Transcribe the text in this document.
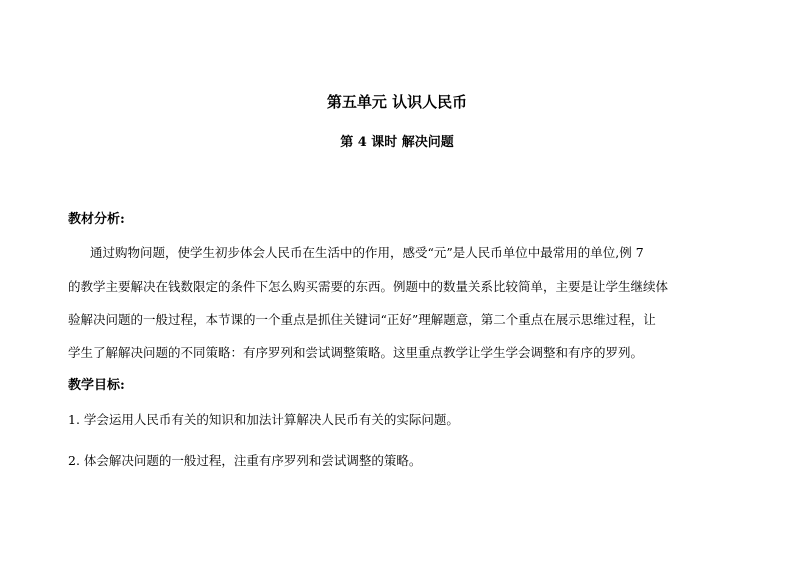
第五单元 认识人民币
第 4 课时 解决问题
教材分析:
通过购物问题，使学生初步体会人民币在生活中的作用，感受“元”是人民币单位中最常用的单位,例 7
的教学主要解决在钱数限定的条件下怎么购买需要的东西。例题中的数量关系比较简单，主要是让学生继续体
验解决问题的一般过程，本节课的一个重点是抓住关键词“正好”理解题意，第二个重点在展示思维过程，让
学生了解解决问题的不同策略：有序罗列和尝试调整策略。这里重点教学让学生学会调整和有序的罗列。
教学目标:
1. 学会运用人民币有关的知识和加法计算解决人民币有关的实际问题。
2. 体会解决问题的一般过程，注重有序罗列和尝试调整的策略。
